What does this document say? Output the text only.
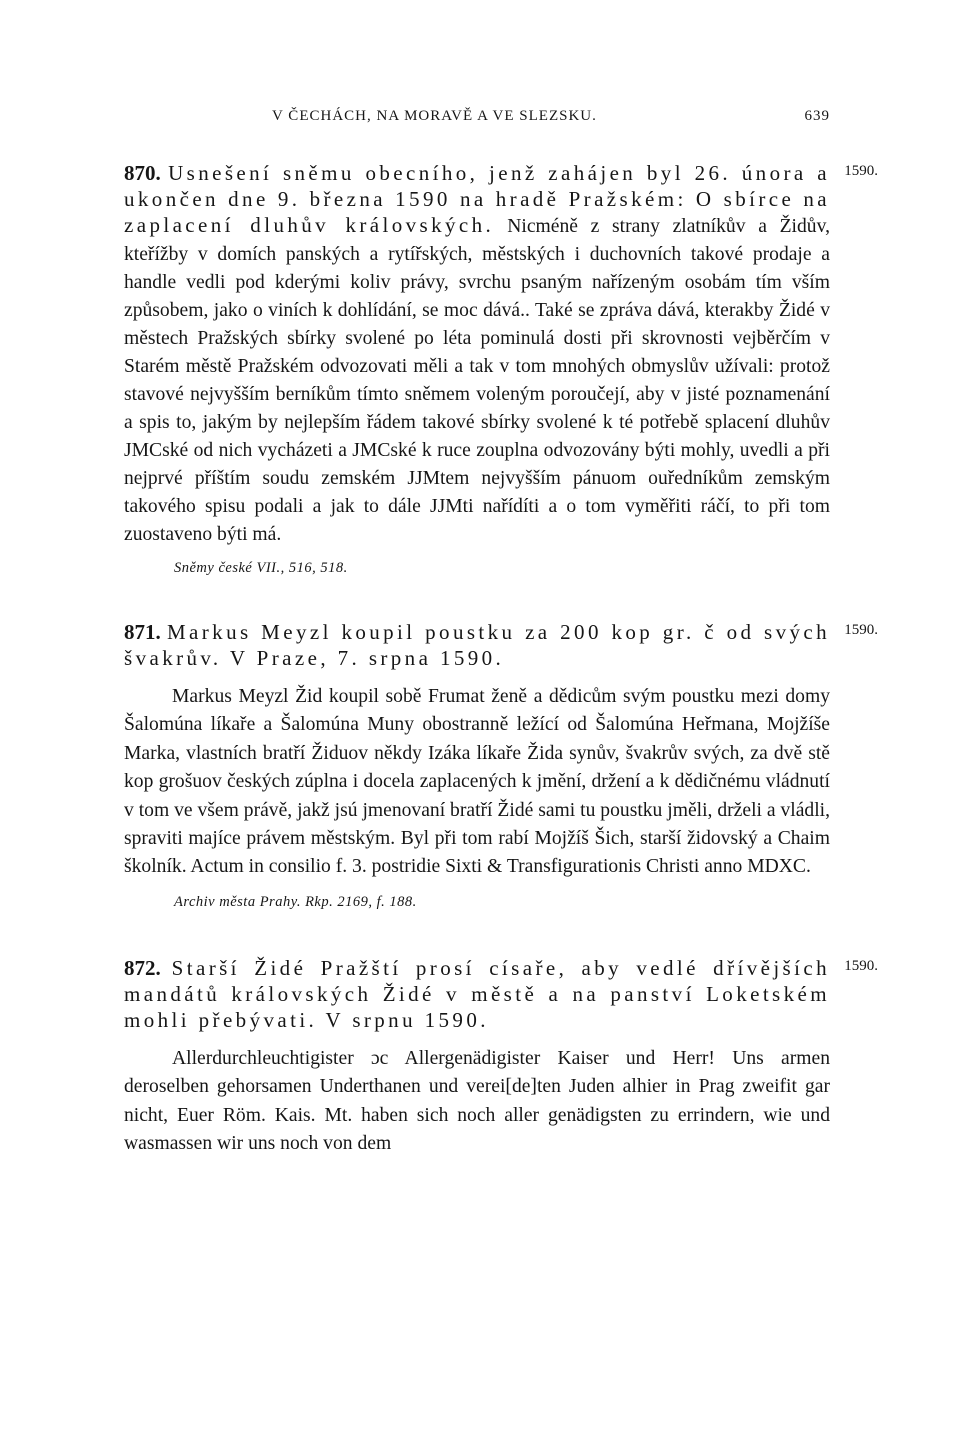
V ČECHÁCH, NA MORAVĚ A VE SLEZSKU.	639
1590.

870. Usnešení sněmu obecního, jenž zahájen byl 26. února a ukončen dne 9. března 1590 na hradě Pražském: O sbírce na zaplacení dluhův královských. Nicméně z strany zlatníkův a Židův, kteřížby v domích panských a rytířských, městských i duchovních takové prodaje a handle vedli pod kderými koliv právy, svrchu psaným nařízeným osobám tím vším způsobem, jako o viních k dohlídání, se moc dává.. Také se zpráva dává, kterakby Židé v městech Pražských sbírky svolené po léta pominulá dosti při skrovnosti vejběrčím v Starém městě Pražském odvozovati měli a tak v tom mnohých obmyslův užívali: protož stavové nejvyšším berníkům tímto sněmem voleným poroučejí, aby v jisté poznamenání a spis to, jakým by nejlepším řádem takové sbírky svolené k té potřebě splacení dluhův JMCské od nich vycházeti a JMCské k ruce zouplna odvozovány býti mohly, uvedli a při nejprvé příštím soudu zemském JJMtem nejvyšším pánuom ouředníkům zemským takového spisu podali a jak to dále JJMti nařídíti a o tom vyměřiti ráčí, to při tom zuostaveno býti má.

Sněmy české VII., 516, 518.

1590.

871. Markus Meyzl koupil poustku za 200 kop gr. č od svých švakrův. V Praze, 7. srpna 1590.

Markus Meyzl Žid koupil sobě Frumat ženě a dědicům svým poustku mezi domy Šalomúna líkaře a Šalomúna Muny obostranně ležící od Šalomúna Heřmana, Mojžíše Marka, vlastních bratří Židuov někdy Izáka líkaře Žida synův, švakrův svých, za dvě stě kop grošuov českých zúplna i docela zaplacených k jmění, držení a k dědičnému vládnutí v tom ve všem právě, jakž jsú jmenovaní bratří Židé sami tu poustku jměli, drželi a vládli, spraviti majíce právem městským. Byl při tom rabí Mojžíš Šich, starší židovský a Chaim školník. Actum in consilio f. 3. postridie Sixti & Transfigurationis Christi anno MDXC.

Archiv města Prahy. Rkp. 2169, f. 188.

1590.

872. Starší Židé Pražští prosí císaře, aby vedlé dřívějších mandátů královských Židé v městě a na panství Loketském mohli přebývati. V srpnu 1590.

Allerdurchleuchtigister ɔc Allergenädigister Kaiser und Herr! Uns armen deroselben gehorsamen Underthanen und verei[de]ten Juden alhier in Prag zweifit gar nicht, Euer Röm. Kais. Mt. haben sich noch aller genädigsten zu errindern, wie und wasmassen wir uns noch von dem
